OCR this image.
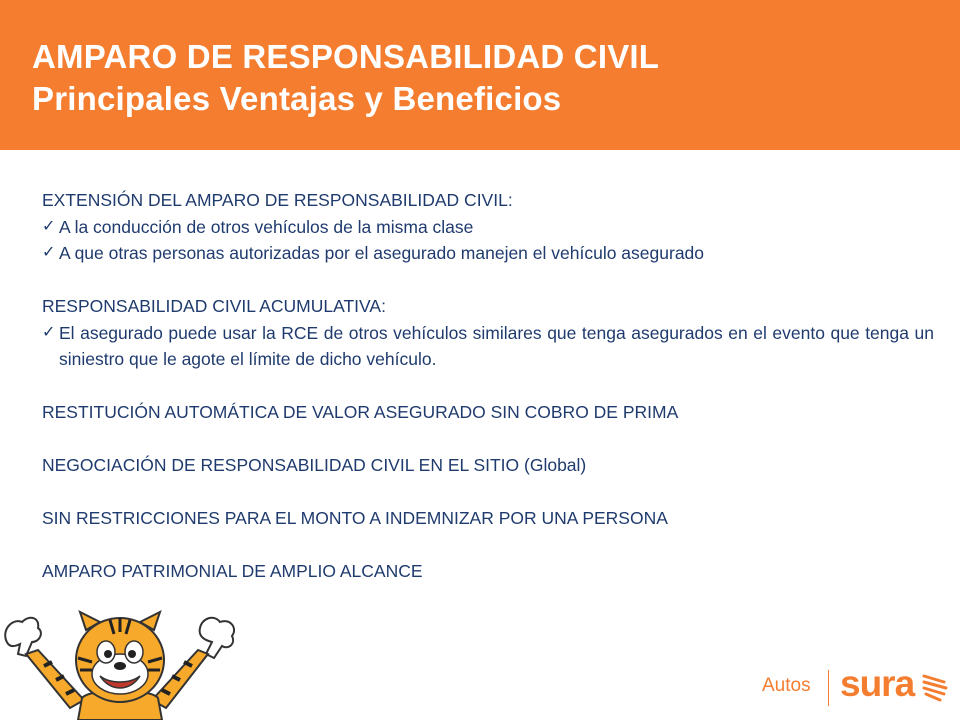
AMPARO DE RESPONSABILIDAD CIVIL
Principales Ventajas y Beneficios

EXTENSIÓN DEL AMPARO DE RESPONSABILIDAD CIVIL:

✓ A la conducción de otros vehículos de la misma clase

✓ A que otras personas autorizadas por el asegurado manejen el vehículo asegurado

RESPONSABILIDAD CIVIL ACUMULATIVA:

✓ El asegurado puede usar la RCE de otros vehículos similares que tenga asegurados en el evento que tenga un siniestro que le agote el límite de dicho vehículo.

RESTITUCIÓN AUTOMÁTICA DE VALOR ASEGURADO SIN COBRO DE PRIMA

NEGOCIACIÓN DE RESPONSABILIDAD CIVIL EN EL SITIO (Global)

SIN RESTRICCIONES PARA EL MONTO A INDEMNIZAR POR UNA PERSONA

AMPARO PATRIMONIAL DE AMPLIO ALCANCE

Autos sura
